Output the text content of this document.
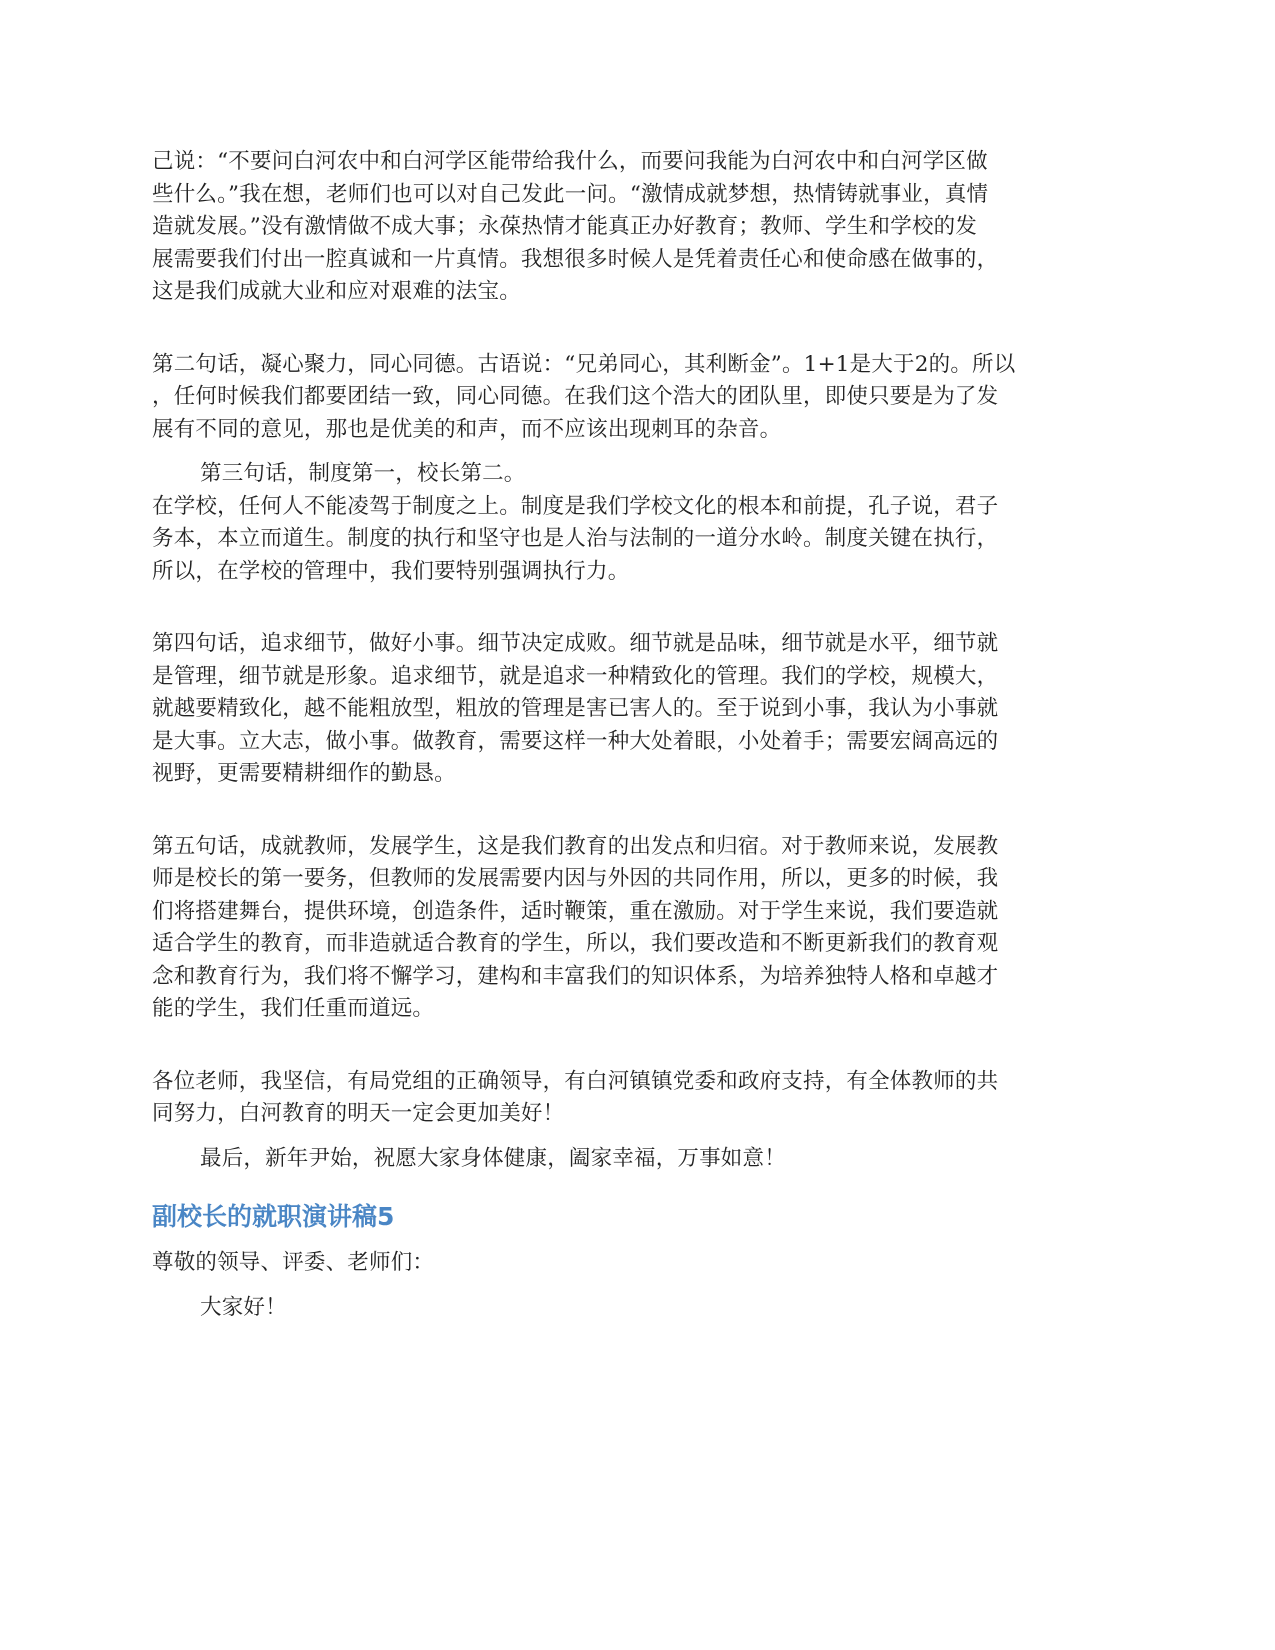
己说：“不要问白河农中和白河学区能带给我什么，而要问我能为白河农中和白河学区做
些什么。”我在想，老师们也可以对自己发此一问。“激情成就梦想，热情铸就事业，真情
造就发展。”没有激情做不成大事；永葆热情才能真正办好教育；教师、学生和学校的发
展需要我们付出一腔真诚和一片真情。我想很多时候人是凭着责任心和使命感在做事的，
这是我们成就大业和应对艰难的法宝。

第二句话，凝心聚力，同心同德。古语说：“兄弟同心，其利断金”。1+1是大于2的。所以
，任何时候我们都要团结一致，同心同德。在我们这个浩大的团队里，即使只要是为了发
展有不同的意见，那也是优美的和声，而不应该出现刺耳的杂音。

第三句话，制度第一，校长第二。

在学校，任何人不能凌驾于制度之上。制度是我们学校文化的根本和前提，孔子说，君子
务本，本立而道生。制度的执行和坚守也是人治与法制的一道分水岭。制度关键在执行，
所以，在学校的管理中，我们要特别强调执行力。

第四句话，追求细节，做好小事。细节决定成败。细节就是品味，细节就是水平，细节就
是管理，细节就是形象。追求细节，就是追求一种精致化的管理。我们的学校，规模大，
就越要精致化，越不能粗放型，粗放的管理是害已害人的。至于说到小事，我认为小事就
是大事。立大志，做小事。做教育，需要这样一种大处着眼，小处着手；需要宏阔高远的
视野，更需要精耕细作的勤恳。

第五句话，成就教师，发展学生，这是我们教育的出发点和归宿。对于教师来说，发展教
师是校长的第一要务，但教师的发展需要内因与外因的共同作用，所以，更多的时候，我
们将搭建舞台，提供环境，创造条件，适时鞭策，重在激励。对于学生来说，我们要造就
适合学生的教育，而非造就适合教育的学生，所以，我们要改造和不断更新我们的教育观
念和教育行为，我们将不懈学习，建构和丰富我们的知识体系，为培养独特人格和卓越才
能的学生，我们任重而道远。

各位老师，我坚信，有局党组的正确领导，有白河镇镇党委和政府支持，有全体教师的共
同努力，白河教育的明天一定会更加美好！

最后，新年尹始，祝愿大家身体健康，阖家幸福，万事如意！

副校长的就职演讲稿5

尊敬的领导、评委、老师们：

大家好！
